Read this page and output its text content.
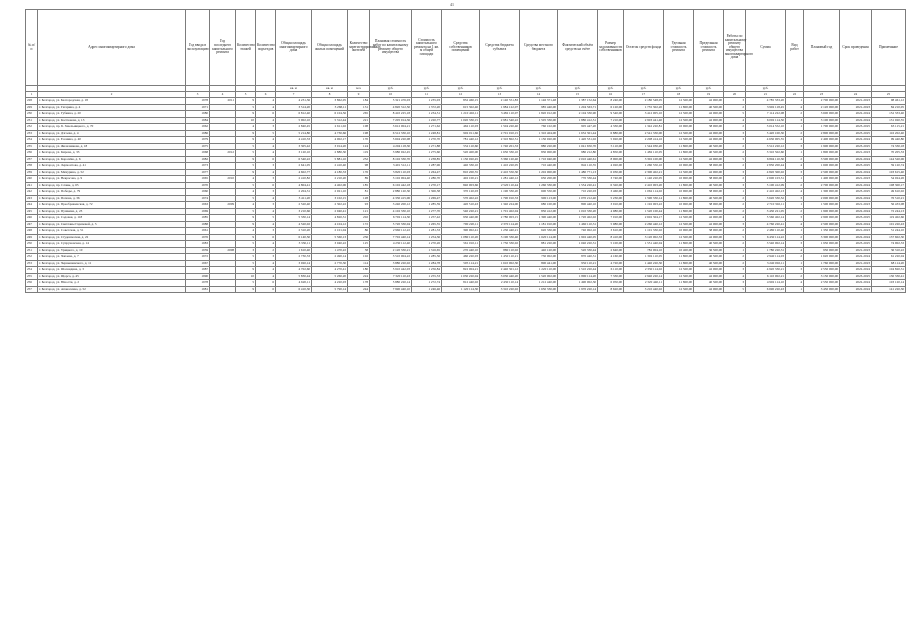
41
№ п/п	Адрес многоквартирного дома	Год ввода в эксплуатацию	Год последнего капитального ремонта	Количество этажей	Количество подъездов	Общая площадь многоквартирного дома	Общая площадь жилых помещений	Количество зарегистрированных жителей	Плановая стоимость работ по капитальному ремонту общего имущества	Стоимость капитального ремонта на 1 кв. м общей площади	Средства собственников помещений	Средства бюджета субъекта	Средства местного бюджета	Фактический объём средств на счёте	Размер задолженности собственников	Остаток средств фонда	Удельная стоимость ремонта	Предельная стоимость ремонта	Работы по капитальному ремонту общего имущества многоквартирного дома	Сумма	Вид работ	Плановый год	Срок проведения	Примечание
						кв. м	кв. м	чел.	руб.	руб.	руб.	руб.	руб.	руб.	руб.	руб.	руб.	руб.		руб.				
1	2	3	4	5	6	7	8	9	10	11	12	13	14	15	16	17	18	19	20	21	22	23	24	25
228	г. Белгород, ул. Белгородская, д. 18	1978	2011	9	4	4 231,36	3 862,05	184	5 321 476,03	1 235,03	832 460,15	2 140 551,83	1 146 371,48	1 387 152,64	8 240,00	2 180 548,05	12 500,00	42 000,00	3	4 785 333,20	1	2 700 000,00	2021-2023	98 461,12
229	г. Белгород, ул. Гагарина, д. 4	1971		5	4	3 514,20	3 268,11	131	4 820 312,50	1 372,20	615 302,40	1 984 122,07	985 440,00	1 204 563,71	6 120,00	1 755 302,20	11 800,00	40 500,00	2	3 902 118,45	4	2 120 000,00	2021-2023	84 210,05
230	г. Белгород, ул. Губкина, д. 20	1980		9	6	6 812,40	6 104,56	265	8 410 225,18	1 234,51	1 210 402,11	3 482 110,07	1 820 012,00	2 104 330,90	9 540,00	3 412 005,10	12 500,00	42 000,00	5	7 114 222,08	2	3 600 000,00	2022-2024	152 333,40
231	г. Белгород, ул. Костюкова, д. 13	1984		10	4	5 902,10	5 312,44	221	7 205 014,36	1 220,77	1 020 330,15	2 981 540,22	1 505 330,00	1 880 412,51	7 210,00	2 903 441,40	12 500,00	42 000,00	4	6 002 114,50	3	3 100 000,00	2022-2024	131 020,55
232	г. Белгород, пр. Б. Хмельницкого, д. 70	1962		4	3	2 840,45	2 611,02	108	3 612 004,21	1 271,62	462 110,03	1 504 220,40	760 102,00	905 447,20	4 330,00	1 342 220,81	10 900,00	38 000,00	2	3 014 552,10	1	1 700 000,00	2023-2025	63 115,21
233	г. Белгород, ул. Дзгоева, д. 4	1986		9	5	5 214,80	4 730,66	198	6 512 330,10	1 248,81	902 011,66	2 701 010,15	1 310 404,00	1 652 301,44	6 880,00	2 541 330,00	12 500,00	42 000,00	3	5 420 100,30	2	2 800 000,00	2023-2025	116 202,40
234	г. Белгород, ул. Есенина, д. 40	1979		9	4	4 410,33	4 002,17	170	5 604 220,08	1 270,70	781 440,12	2 310 802,51	1 150 020,00	1 420 531,02	5 920,00	2 208 414,16	12 500,00	42 000,00	3	4 630 005,55	4	2 400 000,00	2022-2024	99 440,80
235	г. Белгород, ул. Железнякова, д. 18	1975		5	4	3 305,42	3 014,20	124	4 204 118,30	1 271,88	552 110,60	1 740 201,33	880 220,00	1 041 650,70	5 110,00	1 544 030,20	11 800,00	40 500,00	2	3 512 220,12	3	1 900 000,00	2023-2025	74 330,18
236	г. Белгород, ул. Кирова, д. 33	1968	2012	5	4	3 120,10	2 880,30	119	3 980 022,45	1 275,60	520 400,00	1 650 330,10	830 000,00	980 212,80	4 850,00	1 482 110,05	11 800,00	40 500,00	2	3 310 502,60	1	1 800 000,00	2021-2023	70 205,33
237	г. Белгород, ул. Королёва, д. 6	1982		9	6	6 540,22	5 881,10	252	8 102 330,70	1 238,85	1 150 020,45	3 360 120,40	1 710 040,00	2 010 440,61	8 900,00	3 302 100,00	12 500,00	42 000,00	5	6 804 110,30	2	3 500 000,00	2022-2024	144 520,06
238	г. Белгород, ул. Лермонтова, д. 41	1973		5	3	2 641,05	2 410,40	98	3 401 512,11	1 287,96	440 330,10	1 410 220,05	710 440,00	842 110,35	4 020,00	1 260 550,10	10 900,00	38 000,00	2	2 850 200,44	4	1 600 000,00	2023-2025	59 120,74
239	г. Белгород, ул. Мичурина, д. 52	1977		9	4	4 602,77	4 180,33	176	5 820 110,03	1 264,47	810 200,55	2 410 550,30	1 202 000,00	1 480 771,13	6 030,00	2 300 402,21	12 500,00	42 000,00	3	4 820 300,02	3	2 500 000,00	2022-2024	103 615,40
240	г. Белгород, ул. Некрасова, д. 9	1965	2010	4	3	2 410,82	2 210,20	89	3 102 004,40	1 286,70	402 100,21	1 281 440,12	650 200,00	770 330,44	3 740,00	1 140 220,05	10 900,00	38 000,00	2	2 600 103,31	1	1 400 000,00	2021-2023	54 024,26
241	г. Белгород, пр. Славы, д. 65	1970		5	6	4 804,41	4 402,06	185	6 102 442,18	1 270,17	840 003,66	2 520 110,44	1 260 330,00	1 554 220,41	6 320,00	2 410 003,20	11 800,00	40 500,00	3	5 100 412,09	2	2 700 000,00	2022-2024	108 300,17
242	г. Белгород, ул. Победы, д. 79	1960		4	3	2 204,31	2 021,10	81	2 880 120,30	1 306,58	370 120,03	1 190 330,20	600 550,00	710 220,03	3 460,00	1 062 114,02	10 900,00	38 000,00	1	2 410 402,13	4	1 300 000,00	2023-2025	49 610,02
243	г. Белгород, ул. Попова, д. 36	1974		5	4	3 411,20	3 102,15	128	4 330 415,06	1 269,47	570 402,22	1 790 010,33	900 113,00	1 070 212,40	5 230,00	1 590 330,14	11 800,00	40 500,00	2	3 620 330,52	3	2 000 000,00	2022-2024	76 510,21
244	г. Белгород, ул. Преображенская, д. 72	1963	2009	4	3	2 520,40	2 302,22	93	3 240 200,12	1 285,59	420 510,43	1 340 224,00	680 100,00	800 440,10	3 910,00	1 192 003,22	10 900,00	38 000,00	2	2 710 302,11	1	1 500 000,00	2021-2023	56 433,08
245	г. Белгород, ул. Пушкина, д. 23	1969		5	4	3 210,66	2 940,41	121	4 102 330,10	1 277,70	540 220,21	1 701 402,04	850 412,00	1 010 330,20	4 980,00	1 520 100,44	11 800,00	40 500,00	2	3 430 221,05	2	1 900 000,00	2022-2024	72 244,13
246	г. Белгород, ул. Садовая, д. 118	1985		9	5	5 330,14	4 820,31	202	6 702 114,30	1 257,42	930 440,00	2 780 003,15	1 390 440,00	1 720 402,02	7 010,00	2 602 304,17	12 500,00	42 000,00	4	5 560 402,14	3	2 900 000,00	2023-2025	119 402,66
247	г. Белгород, ул. Светланы Горячевой, д. 5	1988		9	4	4 520,02	4 104,12	172	5 720 330,04	1 265,55	790 220,11	2 370 114,20	1 181 010,00	1 460 110,31	5 980,00	2 260 440,12	12 500,00	42 000,00	3	4 760 220,41	4	2 500 000,00	2022-2024	101 220,43
248	г. Белгород, ул. Советская, д. 51	1961		4	3	2 310,20	2 101,04	86	2 960 112,22	1 281,33	390 002,41	1 230 440,21	620 330,00	740 002,10	3 610,00	1 101 330,02	10 900,00	38 000,00	2	2 480 110,40	1	1 350 000,00	2021-2023	51 244,10
249	г. Белгород, ул. Студенческая, д. 22	1976		9	6	6 140,50	5 560,13	236	7 702 440,14	1 254,36	1 080 110,20	3 190 330,40	1 620 114,00	1 902 440,05	8 410,00	3 120 002,33	12 500,00	42 000,00	5	6 430 114,22	2	3 300 000,00	2022-2024	137 602,30
250	г. Белгород, ул. Супруновская, д. 14	1983		5	4	3 330,11	3 040,22	125	4 230 112,40	1 270,26	561 010,11	1 750 330,02	881 220,00	1 040 220,31	5 100,00	1 551 440,04	11 800,00	40 500,00	2	3 540 002,14	3	1 950 000,00	2023-2025	74 902,33
251	г. Белгород, ул. Урицкого, д. 10	1959	2008	3	2	1 610,40	1 470,22	58	2 120 330,21	1 316,65	270 440,10	880 110,02	440 120,00	520 330,44	2 640,00	782 004,10	10 400,00	36 500,00	1	1 780 220,31	4	950 000,00	2021-2023	36 310,22
252	г. Белгород, ул. Чапаева, д. 7	1972		5	3	2 730,33	2 490,14	102	3 510 004,22	1 285,56	460 220,03	1 450 110,21	730 002,00	870 440,31	4 160,00	1 302 110,05	11 800,00	40 500,00	2	2 940 114,03	2	1 620 000,00	2022-2024	61 220,04
253	г. Белгород, ул. Чернышевского, д. 11	1967		5	4	3 020,14	2 770,30	114	3 880 220,02	1 284,78	505 114,21	1 610 002,30	800 441,00	950 110,21	4 720,00	1 440 220,30	11 800,00	40 500,00	2	3 240 002,11	1	1 760 000,00	2021-2023	68 114,20
254	г. Белгород, ул. Шаландина, д. 3	1987		9	4	4 702,60	4 270,41	180	5 910 442,03	1 256,84	822 004,21	2 440 301,12	1 220 110,00	1 510 220,44	6 110,00	2 330 114,02	12 500,00	42 000,00	3	4 920 330,21	3	2 550 000,00	2022-2024	104 820,31
255	г. Белгород, ул. Щорса, д. 45	1990		10	4	5 830,44	5 260,20	224	7 320 110,43	1 255,53	1 030 220,04	3 030 440,20	1 520 002,00	1 890 114,20	7 330,00	2 940 220,14	12 500,00	42 000,00	4	6 110 002,21	2	3 150 000,00	2023-2025	130 330,41
256	г. Белгород, ул. Юности, д. 2	1978		5	6	4 620,11	4 220,03	178	5 880 220,14	1 272,74	812 440,02	2 430 110,14	1 212 440,00	1 490 002,30	6 050,00	2 320 440,11	11 800,00	40 500,00	3	4 902 114,10	4	2 550 000,00	2022-2024	103 120,14
257	г. Белгород, ул. Апанасенко, д. 52	1981		9	6	6 410,30	5 790,14	244	7 990 440,10	1 246,46	1 120 114,30	3 310 220,02	1 650 330,00	1 970 220,14	8 620,00	3 210 440,02	12 500,00	42 000,00	5	6 690 220,43	1	3 450 000,00	2022-2024	141 220,30
